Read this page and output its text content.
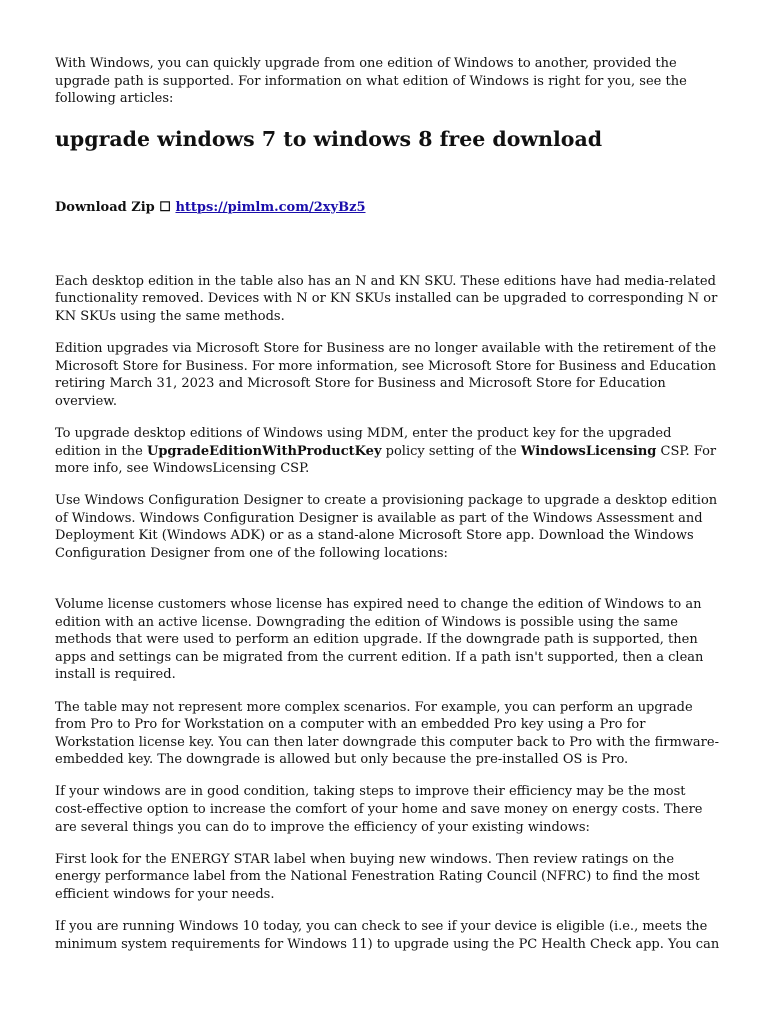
With Windows, you can quickly upgrade from one edition of Windows to another, provided the upgrade path is supported. For information on what edition of Windows is right for you, see the following articles:

upgrade windows 7 to windows 8 free download
Download Zip ☐ https://pimlm.com/2xyBz5

Each desktop edition in the table also has an N and KN SKU. These editions have had media-related functionality removed. Devices with N or KN SKUs installed can be upgraded to corresponding N or KN SKUs using the same methods.

Edition upgrades via Microsoft Store for Business are no longer available with the retirement of the Microsoft Store for Business. For more information, see Microsoft Store for Business and Education retiring March 31, 2023 and Microsoft Store for Business and Microsoft Store for Education overview.

To upgrade desktop editions of Windows using MDM, enter the product key for the upgraded edition in the UpgradeEditionWithProductKey policy setting of the WindowsLicensing CSP. For more info, see WindowsLicensing CSP.

Use Windows Configuration Designer to create a provisioning package to upgrade a desktop edition of Windows. Windows Configuration Designer is available as part of the Windows Assessment and Deployment Kit (Windows ADK) or as a stand-alone Microsoft Store app. Download the Windows Configuration Designer from one of the following locations:

Volume license customers whose license has expired need to change the edition of Windows to an edition with an active license. Downgrading the edition of Windows is possible using the same methods that were used to perform an edition upgrade. If the downgrade path is supported, then apps and settings can be migrated from the current edition. If a path isn't supported, then a clean install is required.

The table may not represent more complex scenarios. For example, you can perform an upgrade from Pro to Pro for Workstation on a computer with an embedded Pro key using a Pro for Workstation license key. You can then later downgrade this computer back to Pro with the firmware-embedded key. The downgrade is allowed but only because the pre-installed OS is Pro.

If your windows are in good condition, taking steps to improve their efficiency may be the most cost-effective option to increase the comfort of your home and save money on energy costs. There are several things you can do to improve the efficiency of your existing windows:

First look for the ENERGY STAR label when buying new windows. Then review ratings on the energy performance label from the National Fenestration Rating Council (NFRC) to find the most efficient windows for your needs.

If you are running Windows 10 today, you can check to see if your device is eligible (i.e., meets the minimum system requirements for Windows 11) to upgrade using the PC Health Check app. You can
